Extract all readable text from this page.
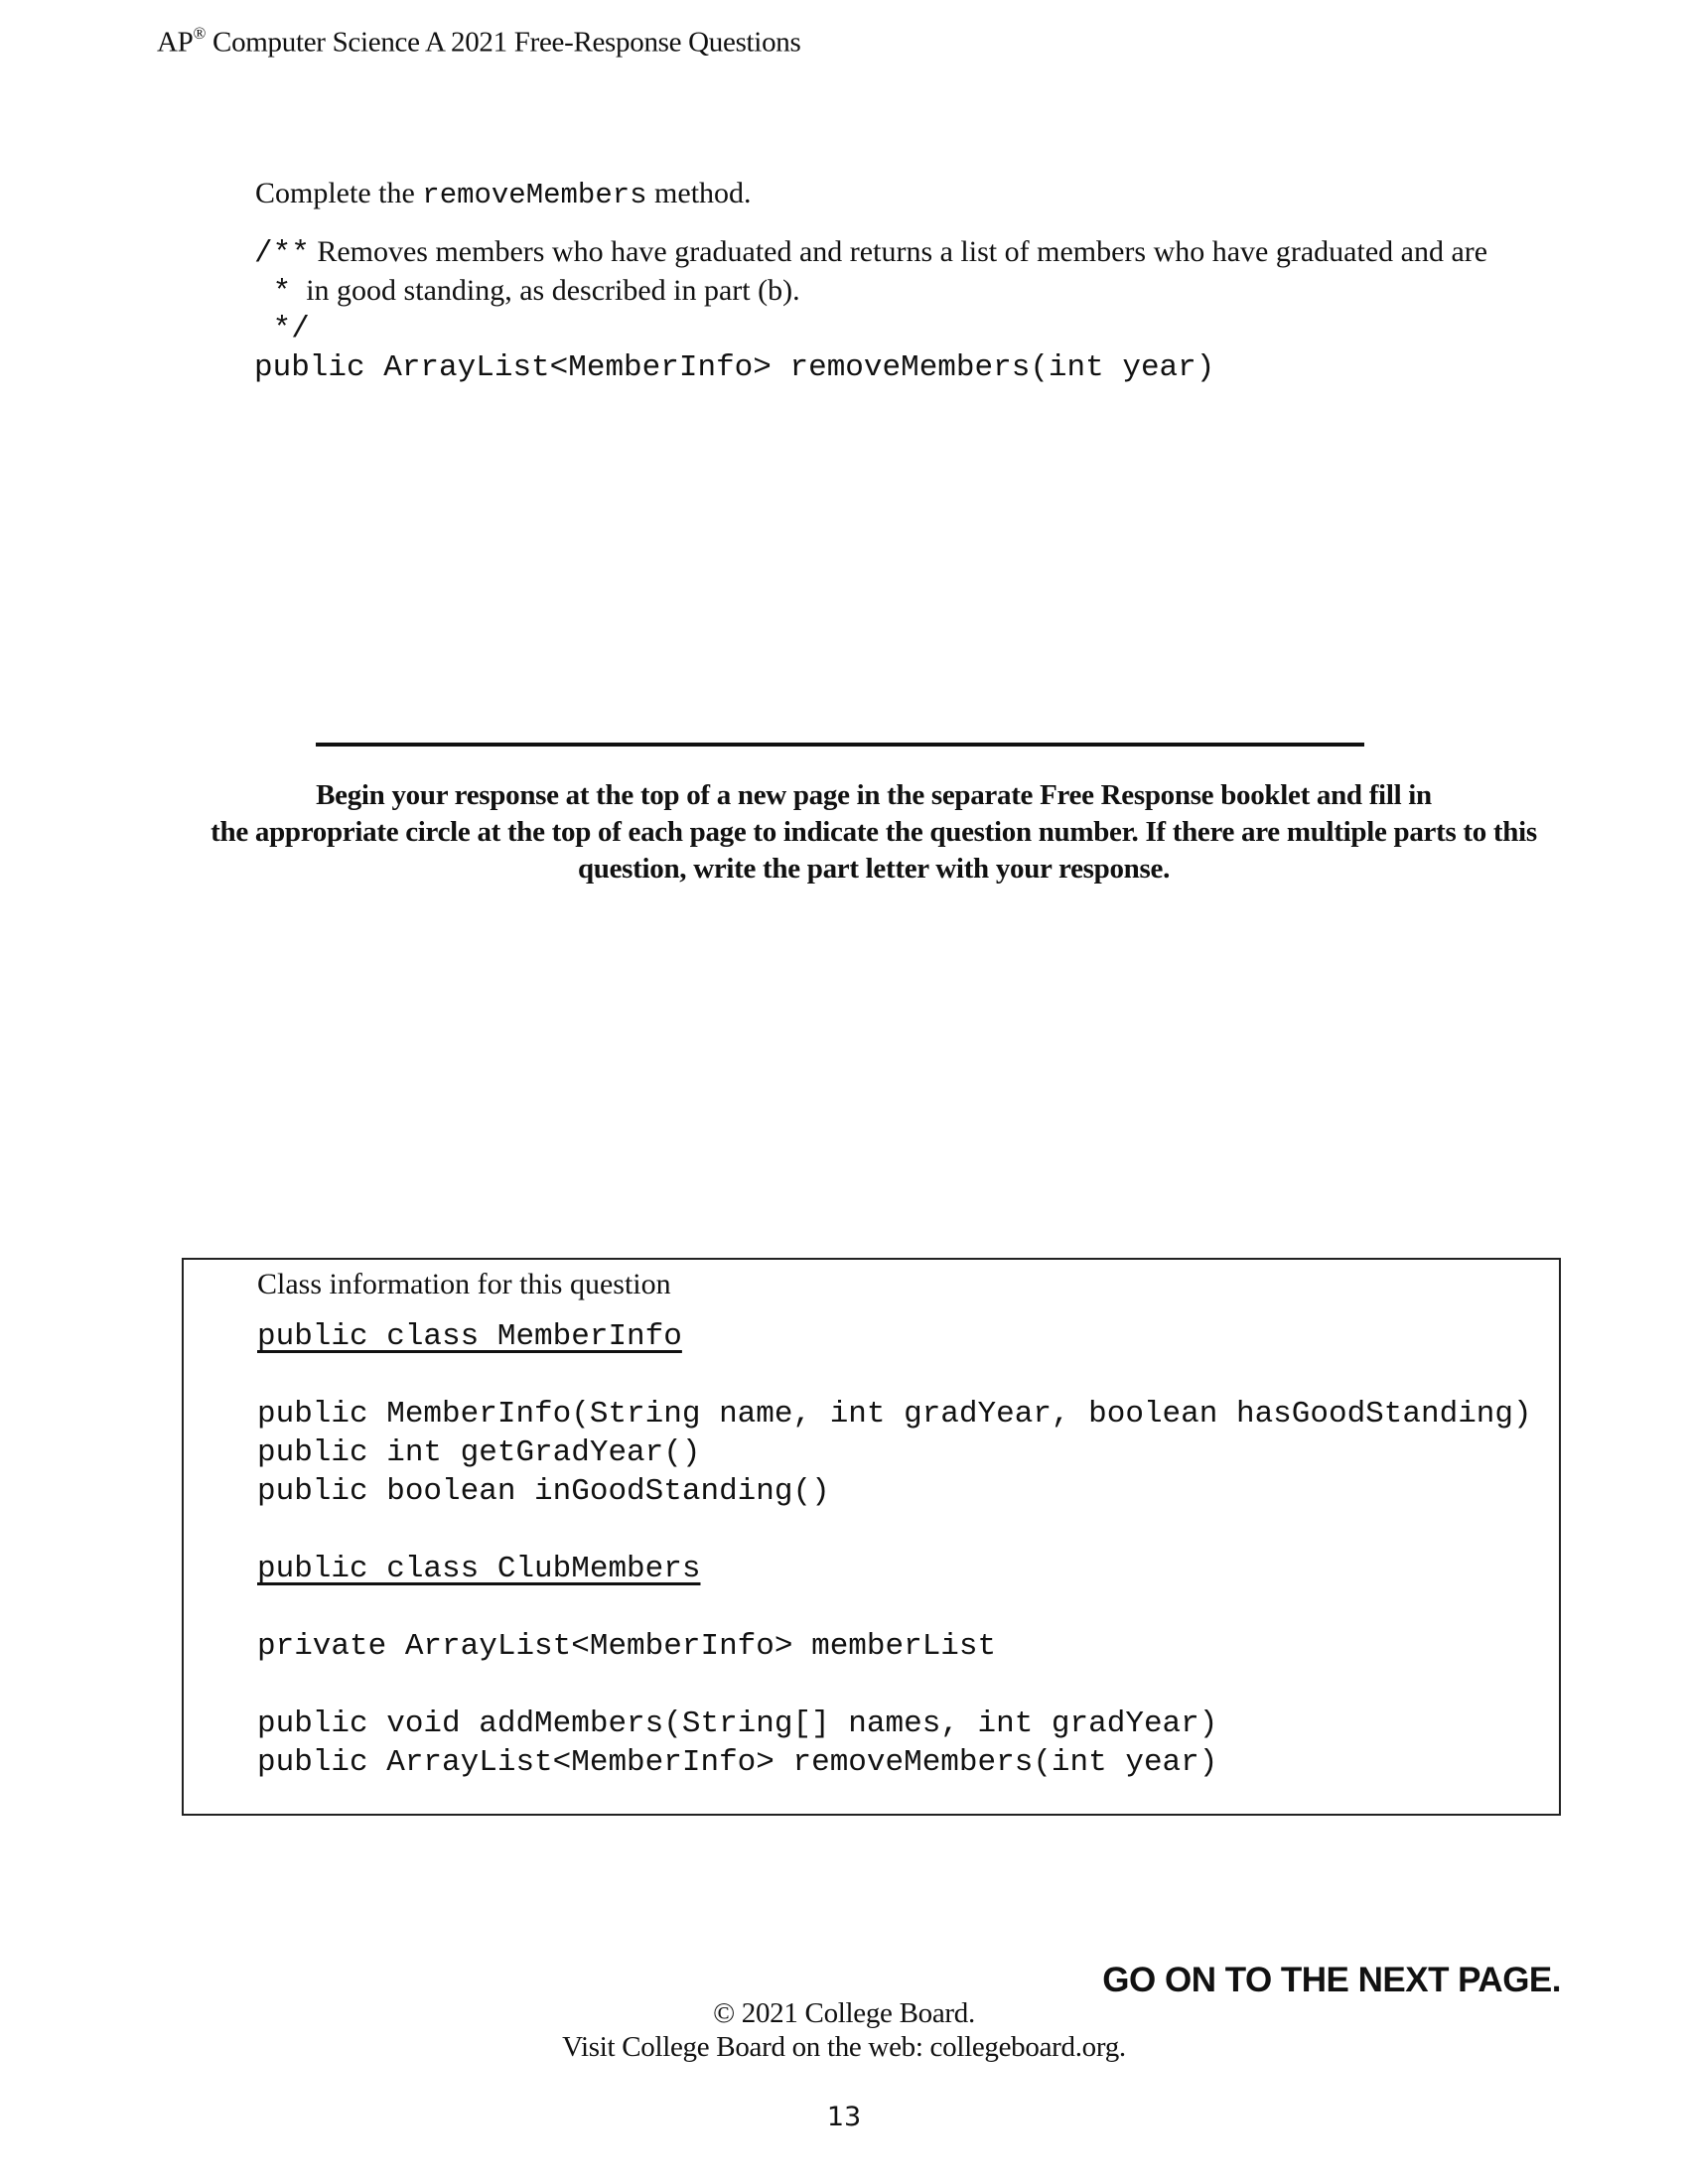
AP® Computer Science A 2021 Free-Response Questions
Complete the removeMembers method.
/** Removes members who have graduated and returns a list of members who have graduated and are
*  in good standing, as described in part (b).
*/
public ArrayList<MemberInfo> removeMembers(int year)
Begin your response at the top of a new page in the separate Free Response booklet and fill in
the appropriate circle at the top of each page to indicate the question number. If there are multiple parts to this
question, write the part letter with your response.
Class information for this question
public class MemberInfo
public MemberInfo(String name, int gradYear, boolean hasGoodStanding)
public int getGradYear()
public boolean inGoodStanding()
public class ClubMembers
private ArrayList<MemberInfo> memberList
public void addMembers(String[] names, int gradYear)
public ArrayList<MemberInfo> removeMembers(int year)
GO ON TO THE NEXT PAGE.
© 2021 College Board.
Visit College Board on the web: collegeboard.org.
13
